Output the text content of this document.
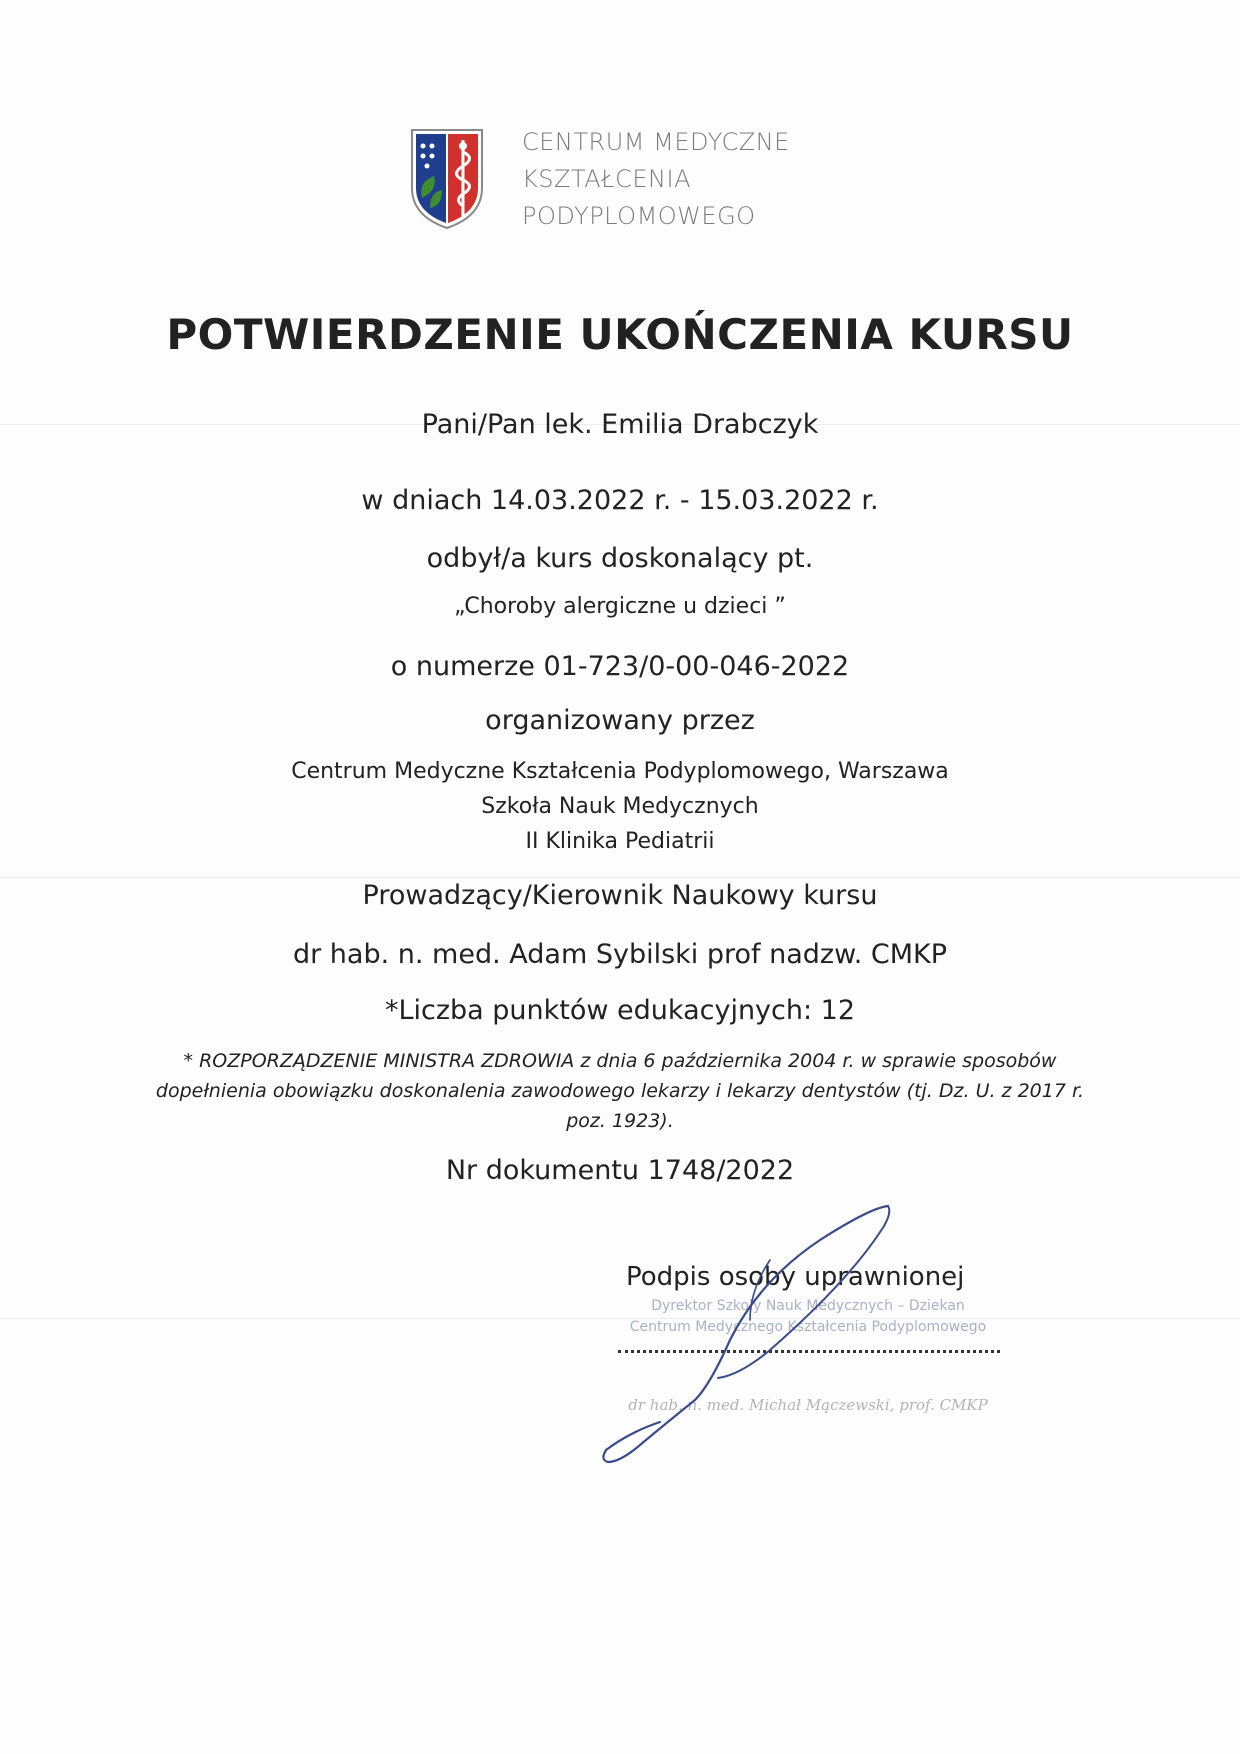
CENTRUM MEDYCZNE
KSZTAŁCENIA
PODYPLOMOWEGO
POTWIERDZENIE UKOŃCZENIA KURSU
Pani/Pan lek. Emilia Drabczyk
w dniach 14.03.2022 r. - 15.03.2022 r.
odbył/a kurs doskonalący pt.
„Choroby alergiczne u dzieci ”
o numerze 01-723/0-00-046-2022
organizowany przez
Centrum Medyczne Kształcenia Podyplomowego, Warszawa
Szkoła Nauk Medycznych
II Klinika Pediatrii
Prowadzący/Kierownik Naukowy kursu
dr hab. n. med. Adam Sybilski prof nadzw. CMKP
*Liczba punktów edukacyjnych: 12
* ROZPORZĄDZENIE MINISTRA ZDROWIA z dnia 6 października 2004 r. w sprawie sposobów
dopełnienia obowiązku doskonalenia zawodowego lekarzy i lekarzy dentystów (tj. Dz. U. z 2017 r.
poz. 1923).
Nr dokumentu 1748/2022
Podpis osoby uprawnionej
Dyrektor Szkoły Nauk Medycznych – Dziekan
Centrum Medycznego Kształcenia Podyplomowego
dr hab. n. med. Michał Mączewski, prof. CMKP
